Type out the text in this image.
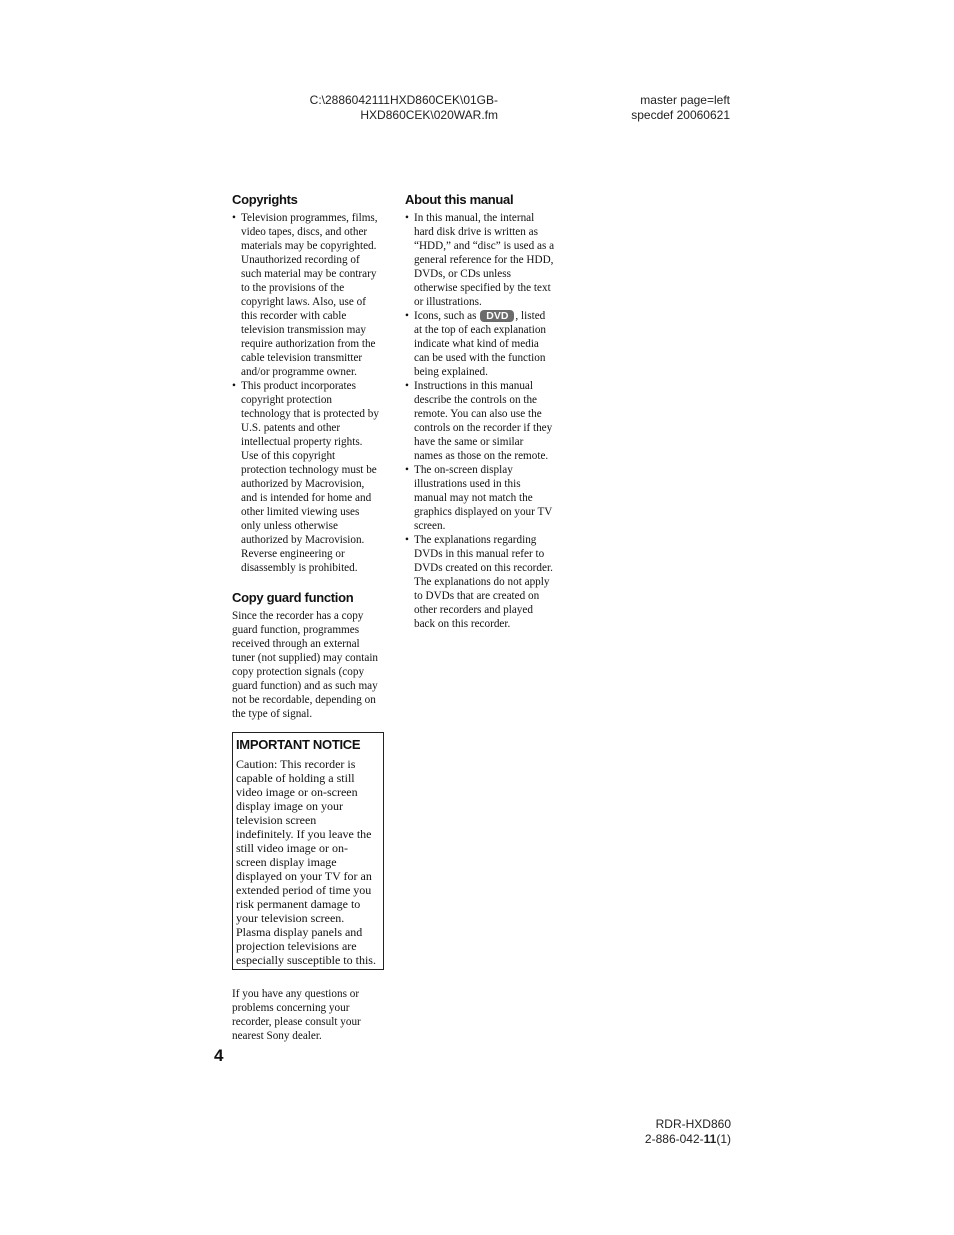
C:\2886042111HXD860CEK\01GB-
HXD860CEK\020WAR.fm
master page=left
specdef 20060621
Copyrights
• Television programmes, films,
video tapes, discs, and other
materials may be copyrighted.
Unauthorized recording of
such material may be contrary
to the provisions of the
copyright laws. Also, use of
this recorder with cable
television transmission may
require authorization from the
cable television transmitter
and/or programme owner.
• This product incorporates
copyright protection
technology that is protected by
U.S. patents and other
intellectual property rights.
Use of this copyright
protection technology must be
authorized by Macrovision,
and is intended for home and
other limited viewing uses
only unless otherwise
authorized by Macrovision.
Reverse engineering or
disassembly is prohibited.
Copy guard function

Since the recorder has a copy
guard function, programmes
received through an external
tuner (not supplied) may contain
copy protection signals (copy
guard function) and as such may
not be recordable, depending on
the type of signal.

IMPORTANT NOTICE

Caution: This recorder is
capable of holding a still
video image or on-screen
display image on your
television screen
indefinitely. If you leave the
still video image or on-
screen display image
displayed on your TV for an
extended period of time you
risk permanent damage to
your television screen.
Plasma display panels and
projection televisions are
especially susceptible to this.

If you have any questions or
problems concerning your
recorder, please consult your
nearest Sony dealer.

About this manual
• In this manual, the internal
hard disk drive is written as
“HDD,” and “disc” is used as a
general reference for the HDD,
DVDs, or CDs unless
otherwise specified by the text
or illustrations.
• Icons, such as DVD , listed
at the top of each explanation
indicate what kind of media
can be used with the function
being explained.
• Instructions in this manual
describe the controls on the
remote. You can also use the
controls on the recorder if they
have the same or similar
names as those on the remote.
• The on-screen display
illustrations used in this
manual may not match the
graphics displayed on your TV
screen.
• The explanations regarding
DVDs in this manual refer to
DVDs created on this recorder.
The explanations do not apply
to DVDs that are created on
other recorders and played
back on this recorder.
4
RDR-HXD860
2-886-042-11(1)
